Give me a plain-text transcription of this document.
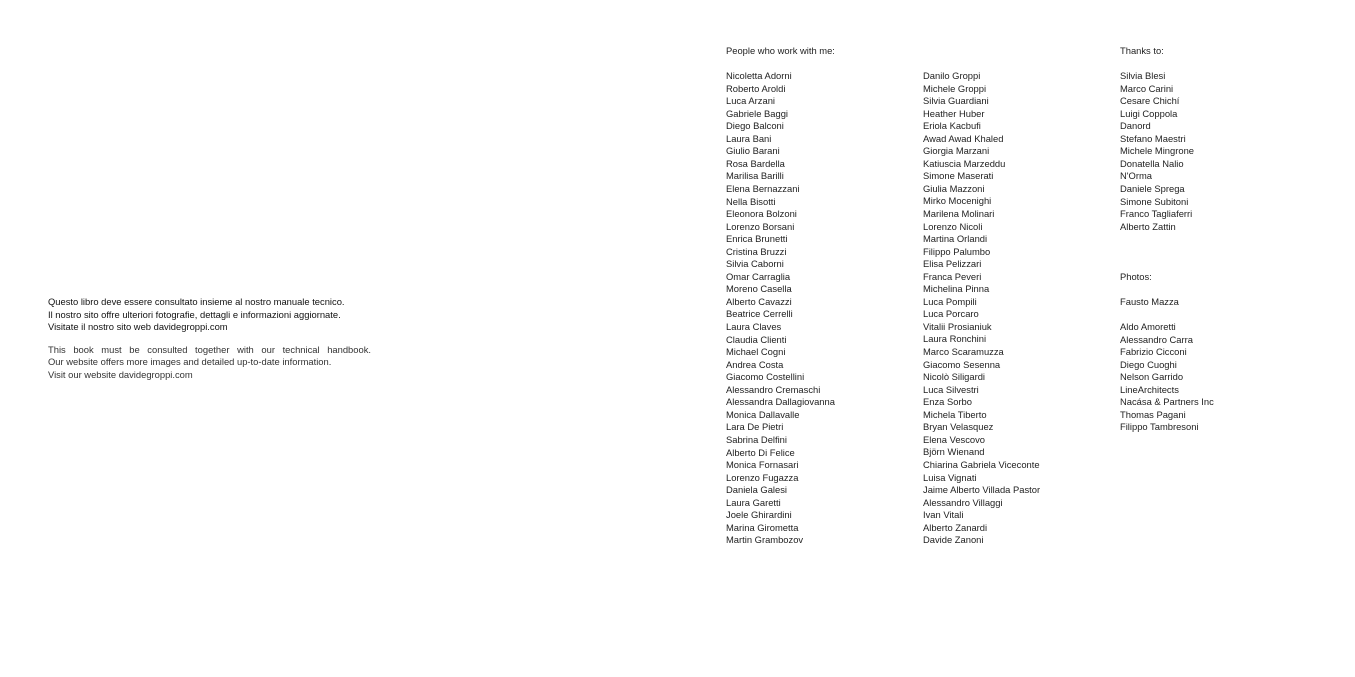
Questo libro deve essere consultato insieme al nostro manuale tecnico.
Il nostro sito offre ulteriori fotografie, dettagli e informazioni aggiornate.
Visitate il nostro sito web davidegroppi.com
This book must be consulted together with our technical handbook.
Our website offers more images and detailed up-to-date information.
Visit our website davidegroppi.com
People who work with me:
Nicoletta Adorni
Roberto Aroldi
Luca Arzani
Gabriele Baggi
Diego Balconi
Laura Bani
Giulio Barani
Rosa Bardella
Marilisa Barilli
Elena Bernazzani
Nella Bisotti
Eleonora Bolzoni
Lorenzo Borsani
Enrica Brunetti
Cristina Bruzzi
Silvia Caborni
Omar Carraglia
Moreno Casella
Alberto Cavazzi
Beatrice Cerrelli
Laura Claves
Claudia Clienti
Michael Cogni
Andrea Costa
Giacomo Costellini
Alessandro Cremaschi
Alessandra Dallagiovanna
Monica Dallavalle
Lara De Pietri
Sabrina Delfini
Alberto Di Felice
Monica Fornasari
Lorenzo Fugazza
Daniela Galesi
Laura Garetti
Joele Ghirardini
Marina Girometta
Martin Grambozov
Danilo Groppi
Michele Groppi
Silvia Guardiani
Heather Huber
Eriola Kacbufi
Awad Awad Khaled
Giorgia Marzani
Katiuscia Marzeddu
Simone Maserati
Giulia Mazzoni
Mirko Mocenighi
Marilena Molinari
Lorenzo Nicoli
Martina Orlandi
Filippo Palumbo
Elisa Pelizzari
Franca Peveri
Michelina Pinna
Luca Pompili
Luca Porcaro
Vitalii Prosianiuk
Laura Ronchini
Marco Scaramuzza
Giacomo Sesenna
Nicolò Siligardi
Luca Silvestri
Enza Sorbo
Michela Tiberto
Bryan Velasquez
Elena Vescovo
Björn Wienand
Chiarina Gabriela Viceconte
Luisa Vignati
Jaime Alberto Villada Pastor
Alessandro Villaggi
Ivan Vitali
Alberto Zanardi
Davide Zanoni
Thanks to:
Silvia Blesi
Marco Carini
Cesare Chichí
Luigi Coppola
Danord
Stefano Maestri
Michele Mingrone
Donatella Nalio
N'Orma
Daniele Sprega
Simone Subitoni
Franco Tagliaferri
Alberto Zattin
Photos:
Fausto Mazza
Aldo Amoretti
Alessandro Carra
Fabrizio Cicconi
Diego Cuoghi
Nelson Garrido
LineArchitects
Nacása & Partners Inc
Thomas Pagani
Filippo Tambresoni
